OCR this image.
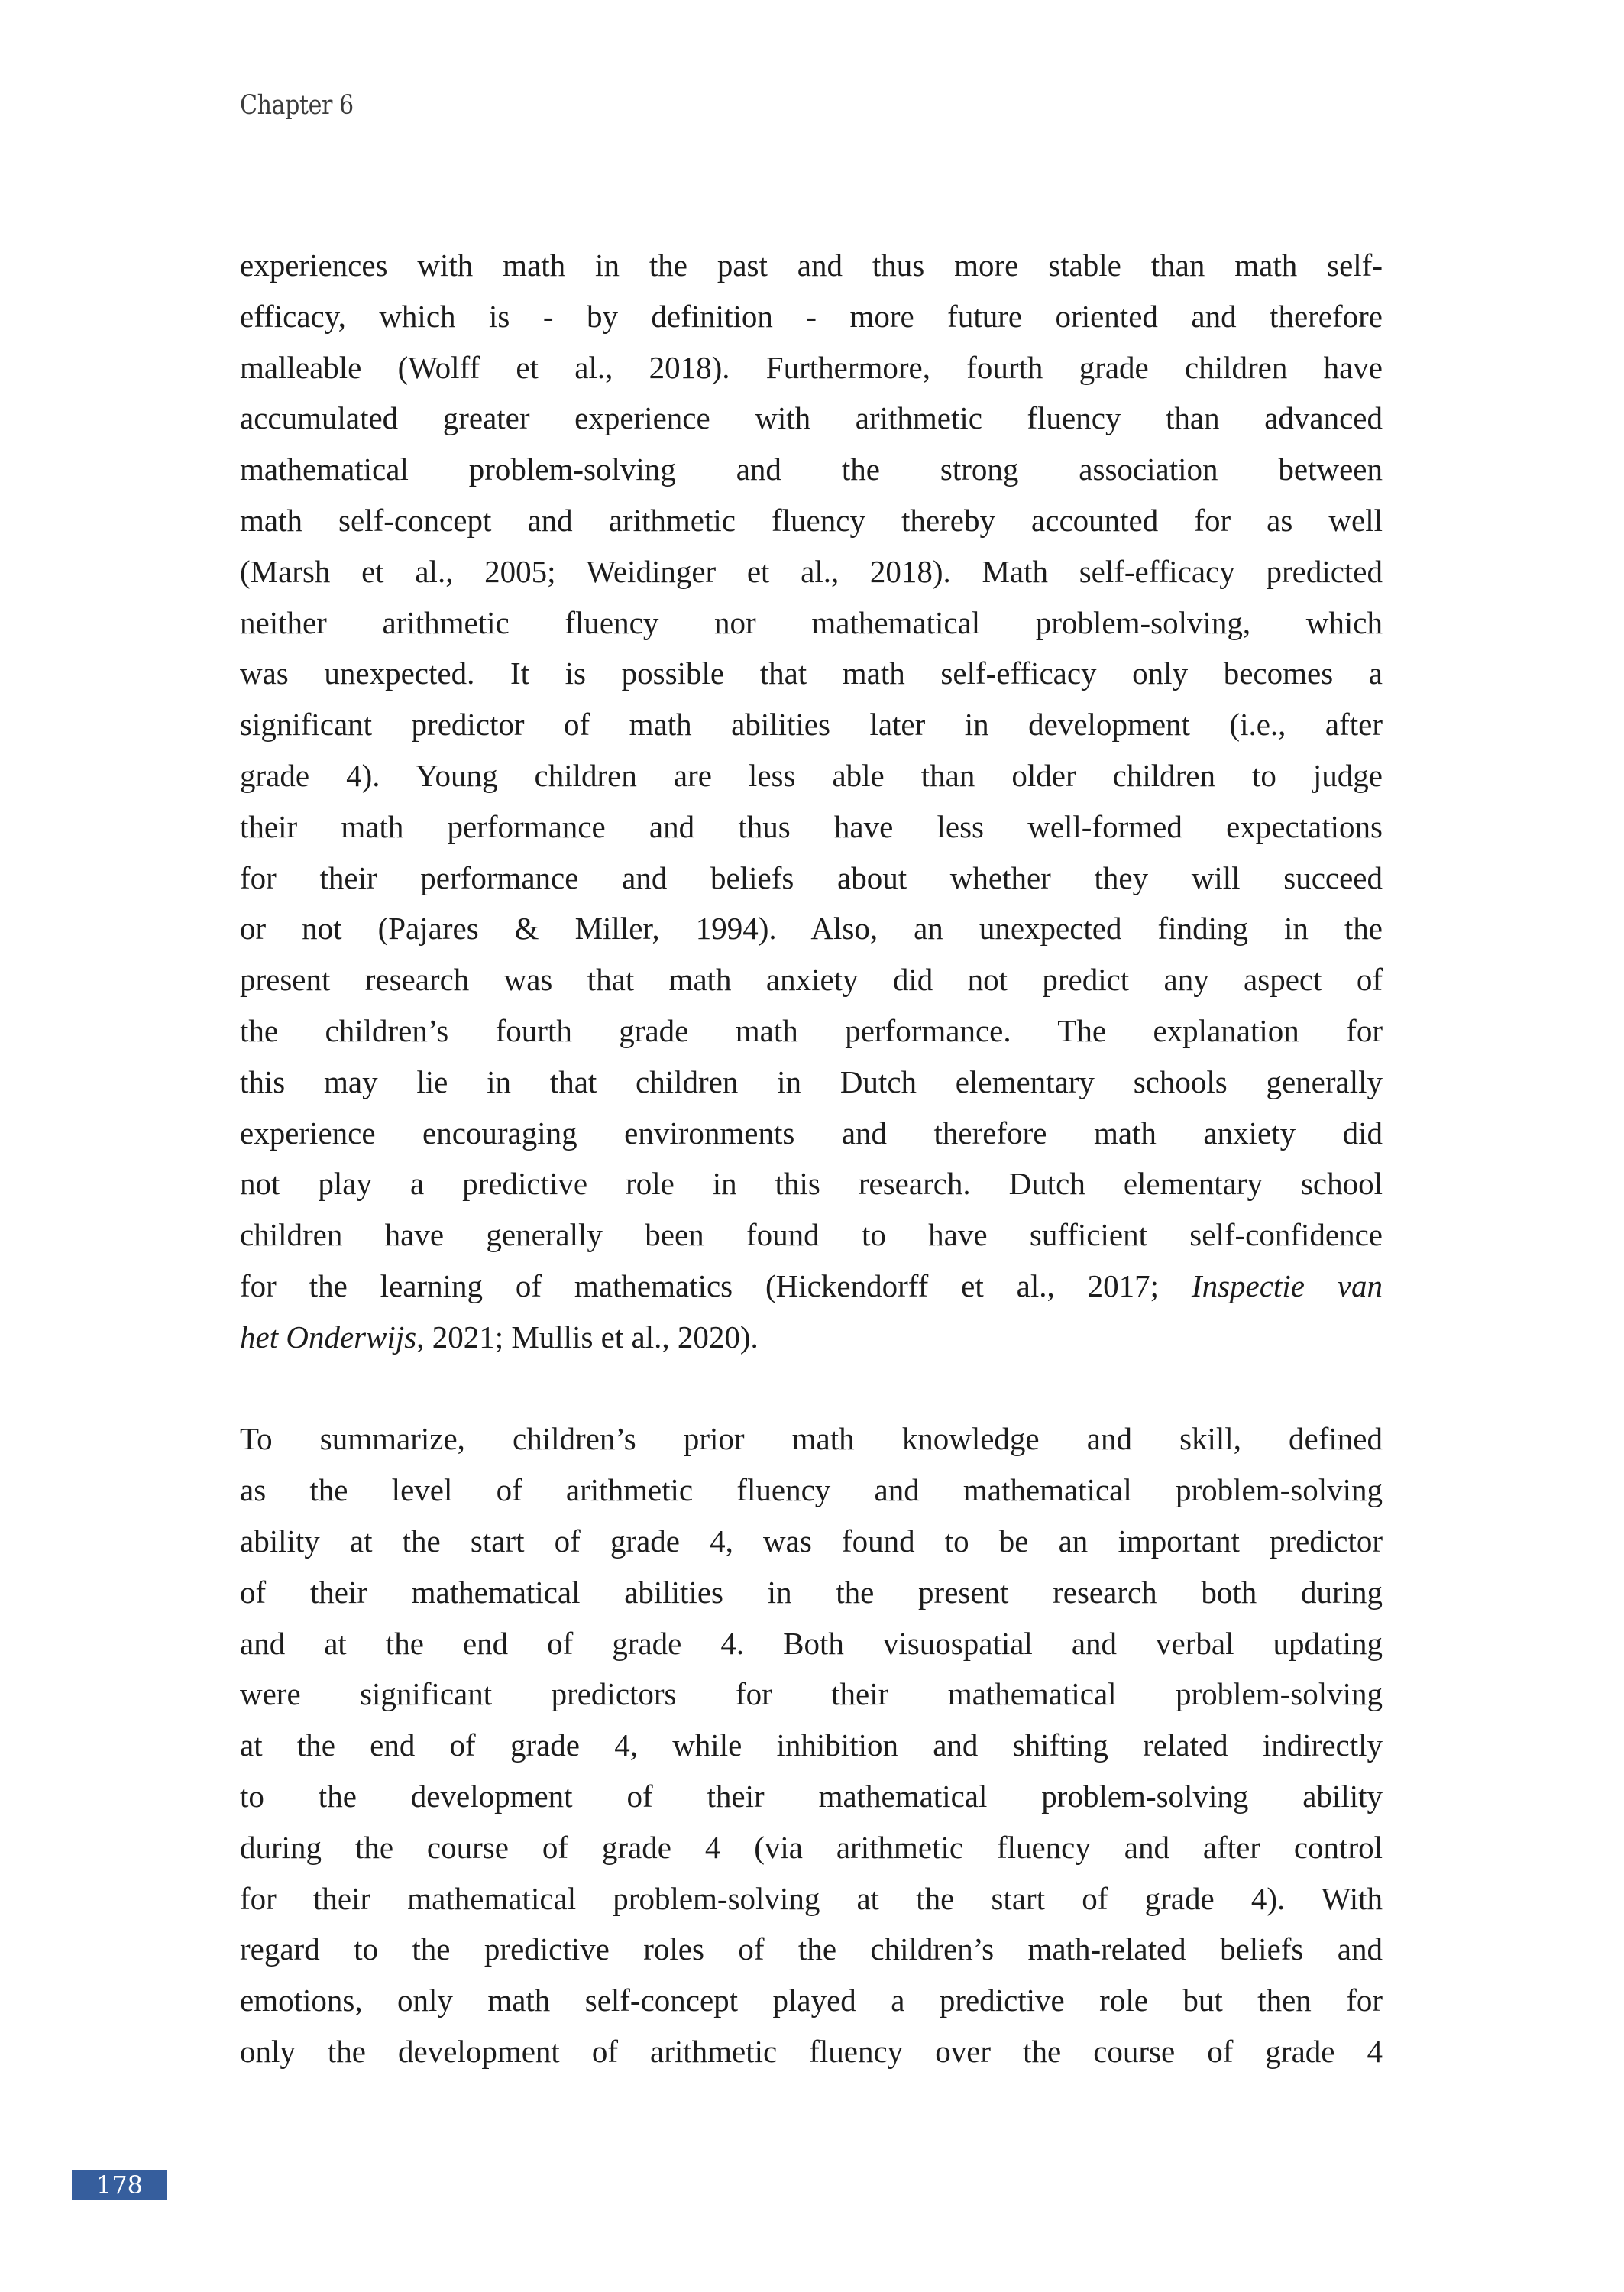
Chapter 6
experiences with math in the past and thus more stable than math self-
efficacy, which is - by definition - more future oriented and therefore
malleable (Wolff et al., 2018). Furthermore, fourth grade children have
accumulated greater experience with arithmetic fluency than advanced
mathematical problem-solving and the strong association between
math self-concept and arithmetic fluency thereby accounted for as well
(Marsh et al., 2005; Weidinger et al., 2018). Math self-efficacy predicted
neither arithmetic fluency nor mathematical problem-solving, which
was unexpected. It is possible that math self-efficacy only becomes a
significant predictor of math abilities later in development (i.e., after
grade 4). Young children are less able than older children to judge
their math performance and thus have less well-formed expectations
for their performance and beliefs about whether they will succeed
or not (Pajares & Miller, 1994). Also, an unexpected finding in the
present research was that math anxiety did not predict any aspect of
the children’s fourth grade math performance. The explanation for
this may lie in that children in Dutch elementary schools generally
experience encouraging environments and therefore math anxiety did
not play a predictive role in this research. Dutch elementary school
children have generally been found to have sufficient self-confidence
for the learning of mathematics (Hickendorff et al., 2017; Inspectie van
het Onderwijs, 2021; Mullis et al., 2020).
To summarize, children’s prior math knowledge and skill, defined
as the level of arithmetic fluency and mathematical problem-solving
ability at the start of grade 4, was found to be an important predictor
of their mathematical abilities in the present research both during
and at the end of grade 4. Both visuospatial and verbal updating
were significant predictors for their mathematical problem-solving
at the end of grade 4, while inhibition and shifting related indirectly
to the development of their mathematical problem-solving ability
during the course of grade 4 (via arithmetic fluency and after control
for their mathematical problem-solving at the start of grade 4). With
regard to the predictive roles of the children’s math-related beliefs and
emotions, only math self-concept played a predictive role but then for
only the development of arithmetic fluency over the course of grade 4
178
